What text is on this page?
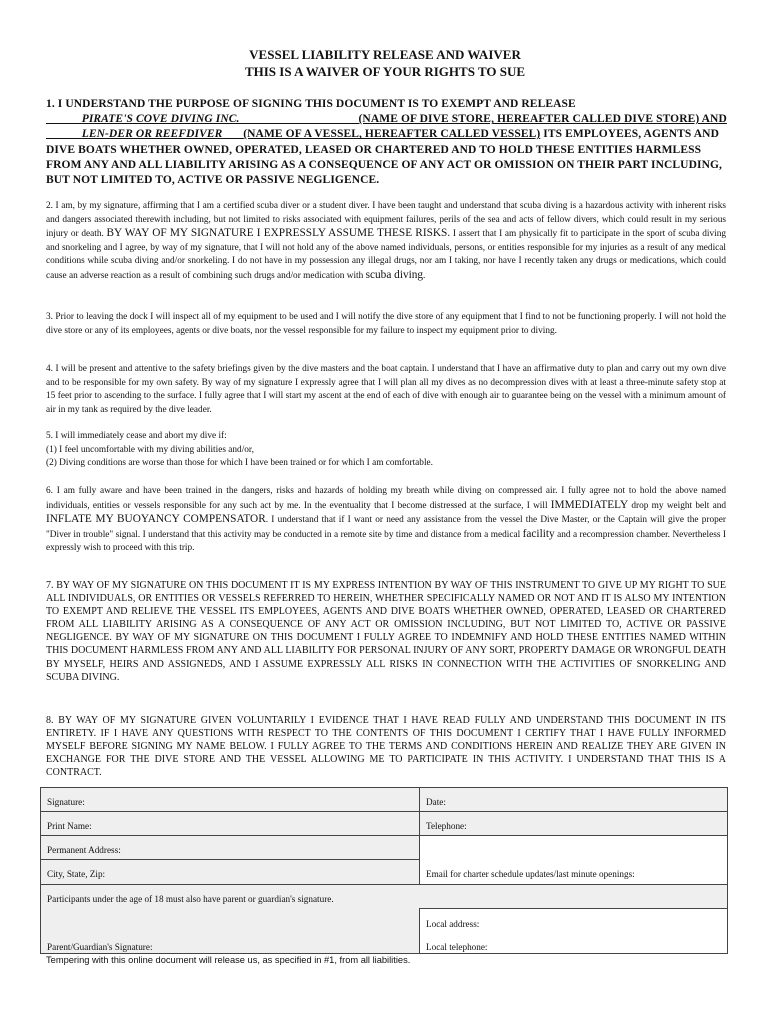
VESSEL LIABILITY RELEASE AND WAIVER
THIS IS A WAIVER OF YOUR RIGHTS TO SUE
1. I UNDERSTAND THE PURPOSE OF SIGNING THIS DOCUMENT IS TO EXEMPT AND RELEASE
PIRATE'S COVE DIVING INC.	(NAME OF DIVE STORE, HEREAFTER CALLED DIVE STORE) AND
LEN-DER OR REEFDIVER (NAME OF A VESSEL, HEREAFTER CALLED VESSEL) ITS EMPLOYEES, AGENTS AND DIVE BOATS WHETHER OWNED, OPERATED, LEASED OR CHARTERED AND TO HOLD THESE ENTITIES HARMLESS FROM ANY AND ALL LIABILITY ARISING AS A CONSEQUENCE OF ANY ACT OR OMISSION ON THEIR PART INCLUDING, BUT NOT LIMITED TO, ACTIVE OR PASSIVE NEGLIGENCE.
2. I am, by my signature, affirming that I am a certified scuba diver or a student diver. I have been taught and understand that scuba diving is a hazardous activity with inherent risks and dangers associated therewith including, but not limited to risks associated with equipment failures, perils of the sea and acts of fellow divers, which could result in my serious injury or death. BY WAY OF MY SIGNATURE I EXPRESSLY ASSUME THESE RISKS. I assert that I am physically fit to participate in the sport of scuba diving and snorkeling and I agree, by way of my signature, that I will not hold any of the above named individuals, persons, or entities responsible for my injuries as a result of any medical conditions while scuba diving and/or snorkeling. I do not have in my possession any illegal drugs, nor am I taking, nor have I recently taken any drugs or medications, which could cause an adverse reaction as a result of combining such drugs and/or medication with scuba diving.
3. Prior to leaving the dock I will inspect all of my equipment to be used and I will notify the dive store of any equipment that I find to not be functioning properly. I will not hold the dive store or any of its employees, agents or dive boats, nor the vessel responsible for my failure to inspect my equipment prior to diving.
4. I will be present and attentive to the safety briefings given by the dive masters and the boat captain. I understand that I have an affirmative duty to plan and carry out my own dive and to be responsible for my own safety. By way of my signature I expressly agree that I will plan all my dives as no decompression dives with at least a three-minute safety stop at 15 feet prior to ascending to the surface. I fully agree that I will start my ascent at the end of each of dive with enough air to guarantee being on the vessel with a minimum amount of air in my tank as required by the dive leader.
5. I will immediately cease and abort my dive if:
(1) I feel uncomfortable with my diving abilities and/or,
(2) Diving conditions are worse than those for which I have been trained or for which I am comfortable.
6. I am fully aware and have been trained in the dangers, risks and hazards of holding my breath while diving on compressed air. I fully agree not to hold the above named individuals, entities or vessels responsible for any such act by me. In the eventuality that I become distressed at the surface, I will IMMEDIATELY drop my weight belt and INFLATE MY BUOYANCY COMPENSATOR. I understand that if I want or need any assistance from the vessel the Dive Master, or the Captain will give the proper "Diver in trouble" signal. I understand that this activity may be conducted in a remote site by time and distance from a medical facility and a recompression chamber. Nevertheless I expressly wish to proceed with this trip.
7. BY WAY OF MY SIGNATURE ON THIS DOCUMENT IT IS MY EXPRESS INTENTION BY WAY OF THIS INSTRUMENT TO GIVE UP MY RIGHT TO SUE ALL INDIVIDUALS, OR ENTITIES OR VESSELS REFERRED TO HEREIN, WHETHER SPECIFICALLY NAMED OR NOT AND IT IS ALSO MY INTENTION TO EXEMPT AND RELIEVE THE VESSEL ITS EMPLOYEES, AGENTS AND DIVE BOATS WHETHER OWNED, OPERATED, LEASED OR CHARTERED FROM ALL LIABILITY ARISING AS A CONSEQUENCE OF ANY ACT OR OMISSION INCLUDING, BUT NOT LIMITED TO, ACTIVE OR PASSIVE NEGLIGENCE. BY WAY OF MY SIGNATURE ON THIS DOCUMENT I FULLY AGREE TO INDEMNIFY AND HOLD THESE ENTITIES NAMED WITHIN THIS DOCUMENT HARMLESS FROM ANY AND ALL LIABILITY FOR PERSONAL INJURY OF ANY SORT, PROPERTY DAMAGE OR WRONGFUL DEATH BY MYSELF, HEIRS AND ASSIGNEDS, AND I ASSUME EXPRESSLY ALL RISKS IN CONNECTION WITH THE ACTIVITIES OF SNORKELING AND SCUBA DIVING.
8. BY WAY OF MY SIGNATURE GIVEN VOLUNTARILY I EVIDENCE THAT I HAVE READ FULLY AND UNDERSTAND THIS DOCUMENT IN ITS ENTIRETY. IF I HAVE ANY QUESTIONS WITH RESPECT TO THE CONTENTS OF THIS DOCUMENT I CERTIFY THAT I HAVE FULLY INFORMED MYSELF BEFORE SIGNING MY NAME BELOW. I FULLY AGREE TO THE TERMS AND CONDITIONS HEREIN AND REALIZE THEY ARE GIVEN IN EXCHANGE FOR THE DIVE STORE AND THE VESSEL ALLOWING ME TO PARTICIPATE IN THIS ACTIVITY. I UNDERSTAND THAT THIS IS A CONTRACT.
Signature:	Date:
Print Name:	Telephone:
Permanent Address:
City, State, Zip:	Email for charter schedule updates/last minute openings:
Participants under the age of 18 must also have parent or guardian's signature.
Local address:
Parent/Guardian's Signature:	Local telephone:
Tempering with this online document will release us, as specified in #1, from all liabilities.
